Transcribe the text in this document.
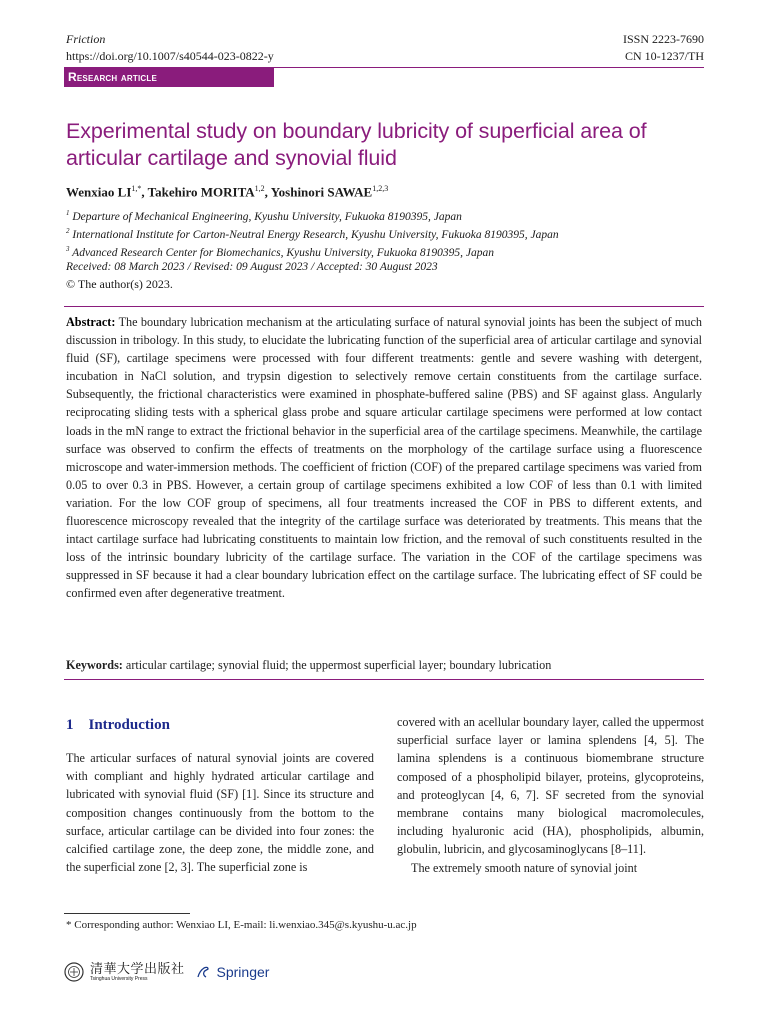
Friction
https://doi.org/10.1007/s40544-023-0822-y
ISSN 2223-7690
CN 10-1237/TH
Research article
Experimental study on boundary lubricity of superficial area of
articular cartilage and synovial fluid
Wenxiao $LI^{1,*}$, Takehiro MORITA$^{1,2}$, Yoshinori SAWAE$^{1,2,3}$
$^1$ Departure of Mechanical Engineering, Kyushu University, Fukuoka 8190395, Japan
$^2$ International Institute for Carton-Neutral Energy Research, Kyushu University, Fukuoka 8190395, Japan
$^3$ Advanced Research Center for Biomechanics, Kyushu University, Fukuoka 8190395, Japan
Received: 08 March 2023 / Revised: 09 August 2023 / Accepted: 30 August 2023
© The author(s) 2023.
Abstract: The boundary lubrication mechanism at the articulating surface of natural synovial joints has been the subject of much discussion in tribology. In this study, to elucidate the lubricating function of the superficial area of articular cartilage and synovial fluid (SF), cartilage specimens were processed with four different treatments: gentle and severe washing with detergent, incubation in NaCl solution, and trypsin digestion to selectively remove certain constituents from the cartilage surface. Subsequently, the frictional characteristics were examined in phosphate-buffered saline (PBS) and SF against glass. Angularly reciprocating sliding tests with a spherical glass probe and square articular cartilage specimens were performed at low contact loads in the mN range to extract the frictional behavior in the superficial area of the cartilage specimens. Meanwhile, the cartilage surface was observed to confirm the effects of treatments on the morphology of the cartilage surface using a fluorescence microscope and water-immersion methods. The coefficient of friction (COF) of the prepared cartilage specimens was varied from 0.05 to over 0.3 in PBS. However, a certain group of cartilage specimens exhibited a low COF of less than 0.1 with limited variation. For the low COF group of specimens, all four treatments increased the COF in PBS to different extents, and fluorescence microscopy revealed that the integrity of the cartilage surface was deteriorated by treatments. This means that the intact cartilage surface had lubricating constituents to maintain low friction, and the removal of such constituents resulted in the loss of the intrinsic boundary lubricity of the cartilage surface. The variation in the COF of the cartilage specimens was suppressed in SF because it had a clear boundary lubrication effect on the cartilage surface. The lubricating effect of SF could be confirmed even after degenerative treatment.
Keywords: articular cartilage; synovial fluid; the uppermost superficial layer; boundary lubrication
1 Introduction
The articular surfaces of natural synovial joints are covered with compliant and highly hydrated articular cartilage and lubricated with synovial fluid (SF) [1]. Since its structure and composition changes continuously from the bottom to the surface, articular cartilage can be divided into four zones: the calcified cartilage zone, the deep zone, the middle zone, and the superficial zone [2, 3]. The superficial zone is
covered with an acellular boundary layer, called the uppermost superficial surface layer or lamina splendens [4, 5]. The lamina splendens is a continuous biomembrane structure composed of a phospholipid bilayer, proteins, glycoproteins, and proteoglycan [4, 6, 7]. SF secreted from the synovial membrane contains many biological macromolecules, including hyaluronic acid (HA), phospholipids, albumin, globulin, lubricin, and glycosaminoglycans [8–11].
The extremely smooth nature of synovial joint
* Corresponding author: Wenxiao LI, E-mail: li.wenxiao.345@s.kyushu-u.ac.jp
清華大学出版社
Tsinghua University Press	Springer
